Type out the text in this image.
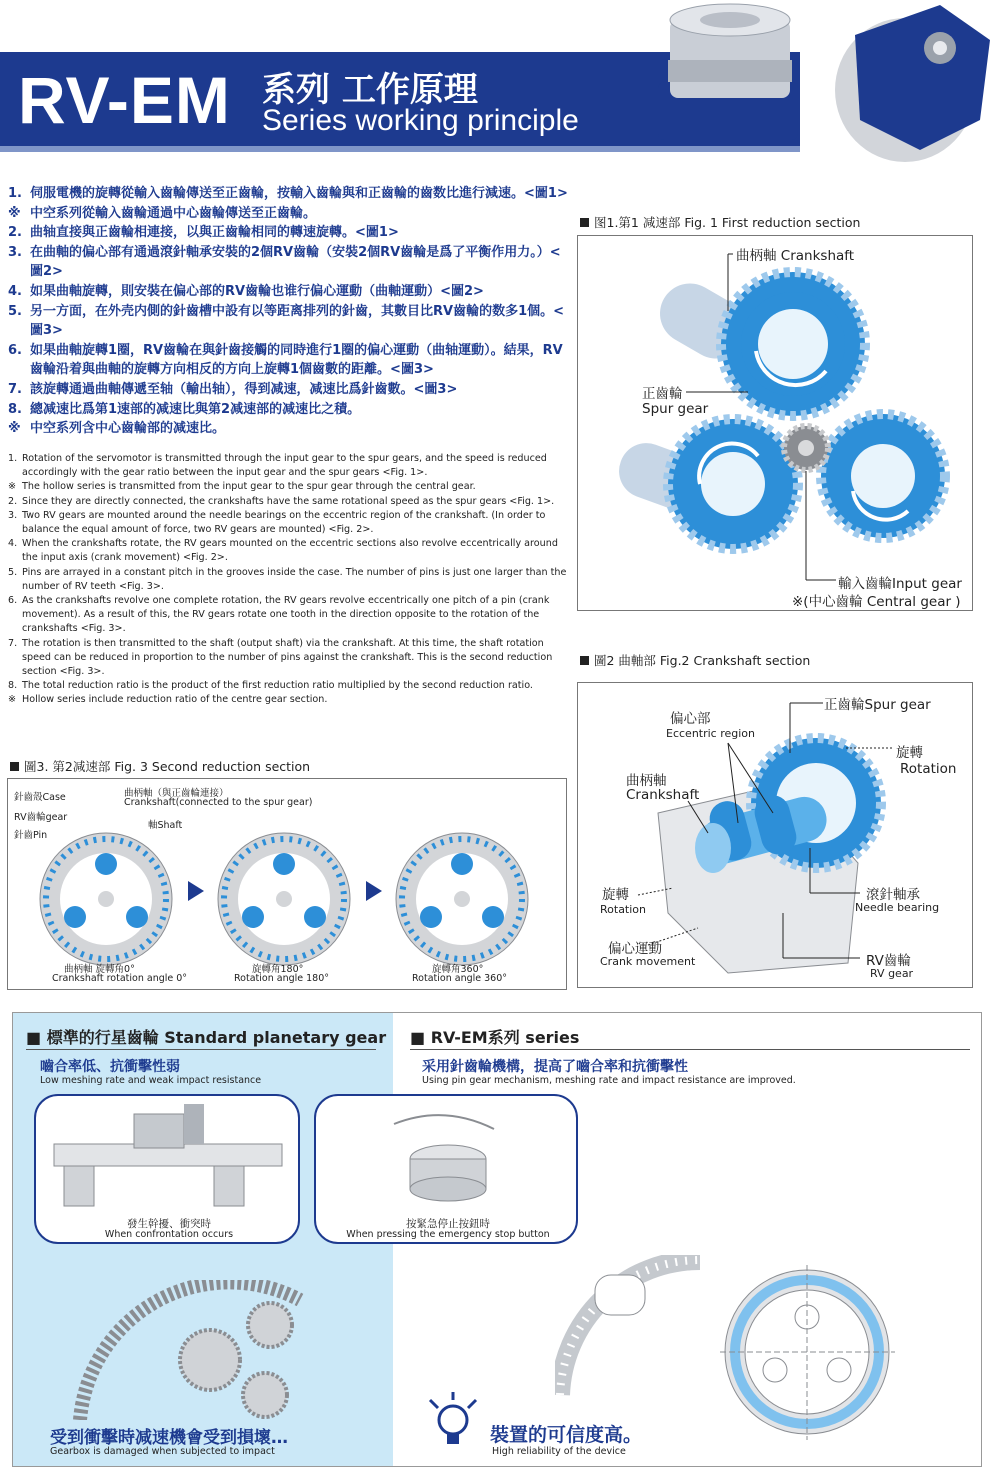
RV-EM 系列 工作原理
Series working principle
1. 伺服電機的旋轉從輸入齒輪傳送至正齒輪，按輸入齒輪與和正齒輪的齒数比進行減速。<圖1>
※ 中空系列從輸入齒輪通過中心齒輪傳送至正齒輪。
2. 曲轴直接與正齒輪相連接，以與正齒輪相同的轉速旋轉。<圖1>
3. 在曲軸的偏心部有通過滾針軸承安裝的2個RV齒輪（安裝2個RV齒輪是爲了平衡作用力。）<圖2>
4. 如果曲軸旋轉，則安裝在偏心部的RV齒輪也谁行偏心運動（曲軸運動）<圖2>
5. 另一方面，在外壳内側的針齒槽中設有以等距离排列的針齒，其數目比RV齒輪的数多1個。<圖3>
6. 如果曲軸旋轉1圈，RV齒輪在與針齒接觸的同時進行1圈的偏心運動（曲轴運動）。結果，RV齒輪沿着與曲軸的旋轉方向相反的方向上旋轉1個齒數的距離。<圖3>
7. 該旋轉通過曲軸傳遞至轴（輸出轴），得到减速，减速比爲針齒數。<圖3>
8. 總减速比爲第1速部的减速比與第2减速部的减速比之積。
※ 中空系列含中心齒輪部的减速比。
1. Rotation of the servomotor is transmitted through the input gear to the spur gears, and the speed is reduced accordingly with the gear ratio between the input gear and the spur gears <Fig. 1>.
※ The hollow series is transmitted from the input gear to the spur gear through the central gear.
2. Since they are directly connected, the crankshafts have the same rotational speed as the spur gears <Fig. 1>.
3. Two RV gears are mounted around the needle bearings on the eccentric region of the crankshaft. (In order to balance the equal amount of force, two RV gears are mounted) <Fig. 2>.
4. When the crankshafts rotate, the RV gears mounted on the eccentric sections also revolve eccentrically around the input axis (crank movement) <Fig. 2>.
5. Pins are arrayed in a constant pitch in the grooves inside the case. The number of pins is just one larger than the number of RV teeth <Fig. 3>.
6. As the crankshafts revolve one complete rotation, the RV gears revolve eccentrically one pitch of a pin (crank movement). As a result of this, the RV gears rotate one tooth in the direction opposite to the rotation of the crankshafts <Fig. 3>.
7. The rotation is then transmitted to the shaft (output shaft) via the crankshaft. At this time, the shaft rotation speed can be reduced in proportion to the number of pins against the crankshaft. This is the second reduction section <Fig. 3>.
8. The total reduction ratio is the product of the first reduction ratio multiplied by the second reduction ratio.
※ Hollow series include reduction ratio of the centre gear section.
图1.第1 减速部 Fig. 1 First reduction section
曲柄軸 Crankshaft
正齒輪
Spur gear
輸入齒輪Input gear
※(中心齒輪 Central gear )
圖2 曲軸部 Fig.2 Crankshaft section
正齒輪Spur gear
偏心部
Eccentric region
旋轉
Rotation
曲柄軸
Crankshaft
旋轉
Rotation
滾針軸承
Needle bearing
偏心運動
Crank movement	RV齒輪
RV gear
圖3. 第2减速部 Fig. 3 Second reduction section
針齒殼Case
RV齒輪gear
針齒Pin
曲柄軸（與正齒輪連接）
Crankshaft(connected to the spur gear)
軸Shaft
曲柄軸 旋轉角0°
Crankshaft rotation angle 0°
旋轉角180°
Rotation angle 180°
旋轉角360°
Rotation angle 360°
■ 標準的行星齒輪 Standard planetary gear
嚙合率低、抗衝擊性弱
Low meshing rate and weak impact resistance
■ RV-EM系列 series
采用針齒輪機構，提高了嚙合率和抗衝擊性
Using pin gear mechanism, meshing rate and impact resistance are improved.
發生幹擾、衝突時
When confrontation occurs
按緊急停止按鈕時
When pressing the emergency stop button
受到衝擊時减速機會受到損壞…
Gearbox is damaged when subjected to impact
裝置的可信度高。
High reliability of the device
